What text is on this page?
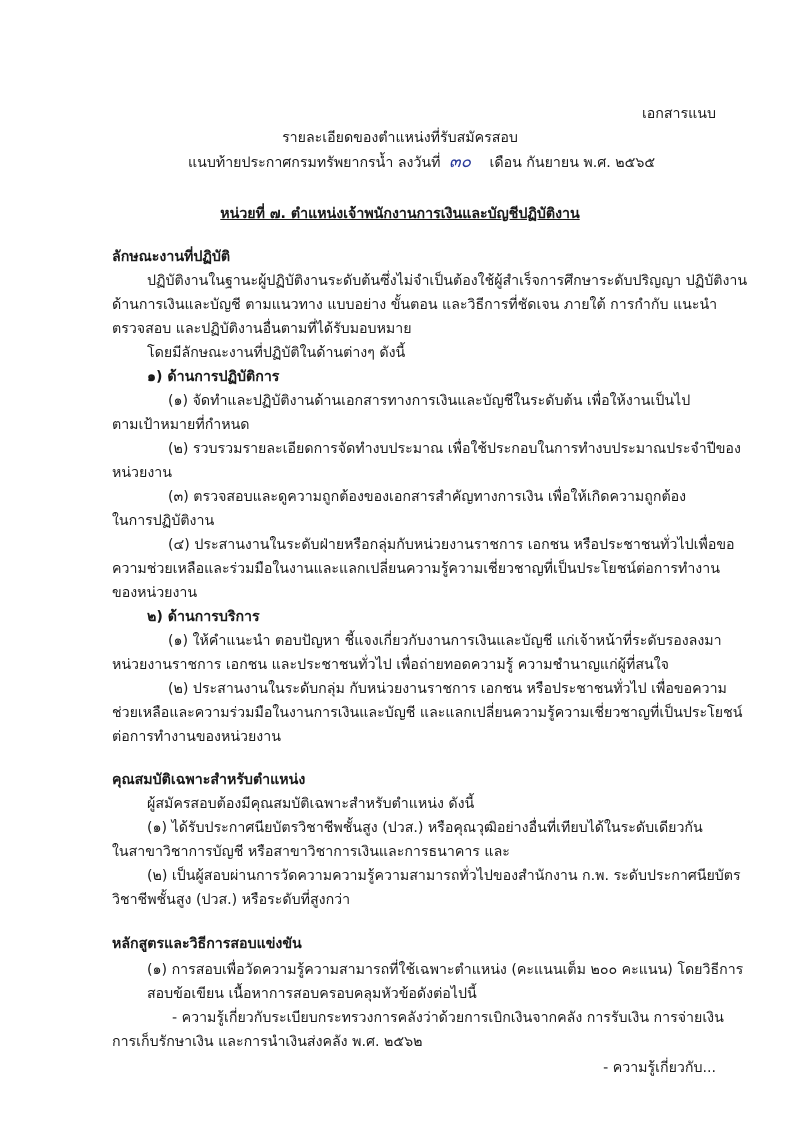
เอกสารแนบ
รายละเอียดของตำแหน่งที่รับสมัครสอบ
แนบท้ายประกาศกรมทรัพยากรน้ำ ลงวันที่ ๓๐ เดือน กันยายน พ.ศ. ๒๕๖๕
หน่วยที่ ๗. ตำแหน่งเจ้าพนักงานการเงินและบัญชีปฏิบัติงาน
ลักษณะงานที่ปฏิบัติ
ปฏิบัติงานในฐานะผู้ปฏิบัติงานระดับต้นซึ่งไม่จำเป็นต้องใช้ผู้สำเร็จการศึกษาระดับปริญญา ปฏิบัติงาน
ด้านการเงินและบัญชี ตามแนวทาง แบบอย่าง ขั้นตอน และวิธีการที่ชัดเจน ภายใต้ การกำกับ แนะนำ
ตรวจสอบ และปฏิบัติงานอื่นตามที่ได้รับมอบหมาย
โดยมีลักษณะงานที่ปฏิบัติในด้านต่างๆ ดังนี้
๑) ด้านการปฏิบัติการ
(๑) จัดทำและปฏิบัติงานด้านเอกสารทางการเงินและบัญชีในระดับต้น เพื่อให้งานเป็นไป
ตามเป้าหมายที่กำหนด
(๒) รวบรวมรายละเอียดการจัดทำงบประมาณ เพื่อใช้ประกอบในการทำงบประมาณประจำปีของ
หน่วยงาน
(๓) ตรวจสอบและดูความถูกต้องของเอกสารสำคัญทางการเงิน เพื่อให้เกิดความถูกต้อง
ในการปฏิบัติงาน
(๔) ประสานงานในระดับฝ่ายหรือกลุ่มกับหน่วยงานราชการ เอกชน หรือประชาชนทั่วไปเพื่อขอ
ความช่วยเหลือและร่วมมือในงานและแลกเปลี่ยนความรู้ความเชี่ยวชาญที่เป็นประโยชน์ต่อการทำงาน
ของหน่วยงาน
๒) ด้านการบริการ
(๑) ให้คำแนะนำ ตอบปัญหา ชี้แจงเกี่ยวกับงานการเงินและบัญชี แก่เจ้าหน้าที่ระดับรองลงมา
หน่วยงานราชการ เอกชน และประชาชนทั่วไป เพื่อถ่ายทอดความรู้ ความชำนาญแก่ผู้ที่สนใจ
(๒) ประสานงานในระดับกลุ่ม กับหน่วยงานราชการ เอกชน หรือประชาชนทั่วไป เพื่อขอความ
ช่วยเหลือและความร่วมมือในงานการเงินและบัญชี และแลกเปลี่ยนความรู้ความเชี่ยวชาญที่เป็นประโยชน์
ต่อการทำงานของหน่วยงาน
คุณสมบัติเฉพาะสำหรับตำแหน่ง
ผู้สมัครสอบต้องมีคุณสมบัติเฉพาะสำหรับตำแหน่ง ดังนี้
(๑) ได้รับประกาศนียบัตรวิชาชีพชั้นสูง (ปวส.) หรือคุณวุฒิอย่างอื่นที่เทียบได้ในระดับเดียวกัน
ในสาขาวิชาการบัญชี หรือสาขาวิชาการเงินและการธนาคาร และ
(๒) เป็นผู้สอบผ่านการวัดความความรู้ความสามารถทั่วไปของสำนักงาน ก.พ. ระดับประกาศนียบัตร
วิชาชีพชั้นสูง (ปวส.) หรือระดับที่สูงกว่า
หลักสูตรและวิธีการสอบแข่งขัน
(๑) การสอบเพื่อวัดความรู้ความสามารถที่ใช้เฉพาะตำแหน่ง (คะแนนเต็ม ๒๐๐ คะแนน) โดยวิธีการ
สอบข้อเขียน เนื้อหาการสอบครอบคลุมหัวข้อดังต่อไปนี้
- ความรู้เกี่ยวกับระเบียบกระทรวงการคลังว่าด้วยการเบิกเงินจากคลัง การรับเงิน การจ่ายเงิน
การเก็บรักษาเงิน และการนำเงินส่งคลัง พ.ศ. ๒๕๖๒
- ความรู้เกี่ยวกับ...
